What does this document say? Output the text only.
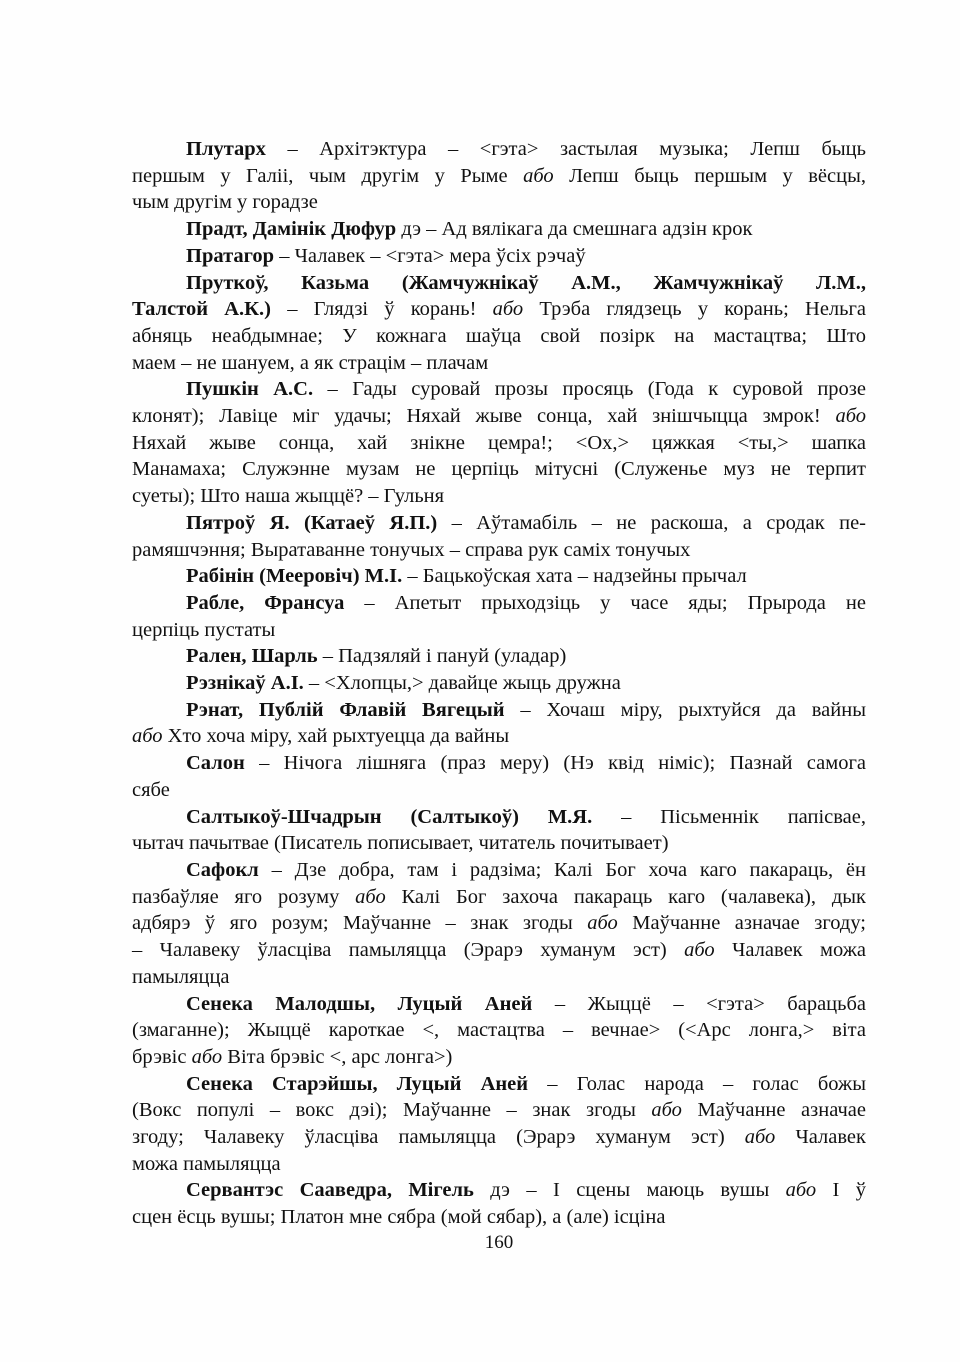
Плутарх – Архітэктура – <гэта> застылая музыка; Лепш быць
першым у Галіі, чым другім у Рыме або Лепш быць першым у вёсцы,
чым другім у горадзе
Прадт, Дамінік Дюфур дэ – Ад вялікага да смешнага адзін крок
Пратагор – Чалавек – <гэта> мера ўсіх рэчаў
Пруткоў, Казьма (Жамчужнікаў А.М., Жамчужнікаў Л.М.,
Талстой А.К.) – Глядзі ў корань! або Трэба глядзець у корань; Нельга
абняць неабдымнае; У кожнага шаўца свой позірк на мастацтва; Што
маем – не шануем, а як страцім – плачам
Пушкін А.С. – Гады суровай прозы просяць (Года к суровой прозе
клонят); Лавіце міг удачы; Няхай жыве сонца, хай знішчыцца змрок! або
Няхай жыве сонца, хай знікне цемра!; <Ох,> цяжкая <ты,> шапка
Манамаха; Служэнне музам не церпіць мітусні (Служенье муз не терпит
суеты); Што наша жыццё? – Гульня
Пятроў Я. (Катаеў Я.П.) – Аўтамабіль – не раскоша, а сродак пе-
рамяшчэння; Выратаванне тонучых – справа рук саміх тонучых
Рабінін (Мееровіч) М.І. – Бацькоўская хата – надзейны прычал
Рабле, Франсуа – Апетыт прыходзіць у часе яды; Прырода не
церпіць пустаты
Рален, Шарль – Падзяляй і пануй (уладар)
Рэзнікаў А.І. – <Хлопцы,> давайце жыць дружна
Рэнат, Публій Флавій Вягецый – Хочаш міру, рыхтуйся да вайны
або Хто хоча міру, хай рыхтуецца да вайны
Салон – Нічога лішняга (праз меру) (Нэ квід німіс); Пазнай самога
сябе
Салтыкоў-Шчадрын (Салтыкоў) М.Я. – Пісьменнік папісвае,
чытач пачытвае (Писатель пописывает, читатель почитывает)
Сафокл – Дзе добра, там і радзіма; Калі Бог хоча каго пакараць, ён
пазбаўляе яго розуму або Калі Бог захоча пакараць каго (чалавека), дык
адбярэ ў яго розум; Маўчанне – знак згоды або Маўчанне азначае згоду;
– Чалавеку ўласціва памыляцца (Эрарэ хуманум эст) або Чалавек можа
памыляцца
Сенека Малодшы, Луцый Аней – Жыццё – <гэта> барацьба
(змаганне); Жыццё кароткае <, мастацтва – вечнае> (<Арс лонга,> віта
брэвіс або Віта брэвіс <, арс лонга>)
Сенека Старэйшы, Луцый Аней – Голас народа – голас божы
(Вокс популі – вокс дэі); Маўчанне – знак згоды або Маўчанне азначае
згоду; Чалавеку ўласціва памыляцца (Эрарэ хуманум эст) або Чалавек
можа памыляцца
Сервантэс Сааведра, Мігель дэ – І сцены маюць вушы або І ў
сцен ёсць вушы; Платон мне сябра (мой сябар), а (але) ісціна
160
